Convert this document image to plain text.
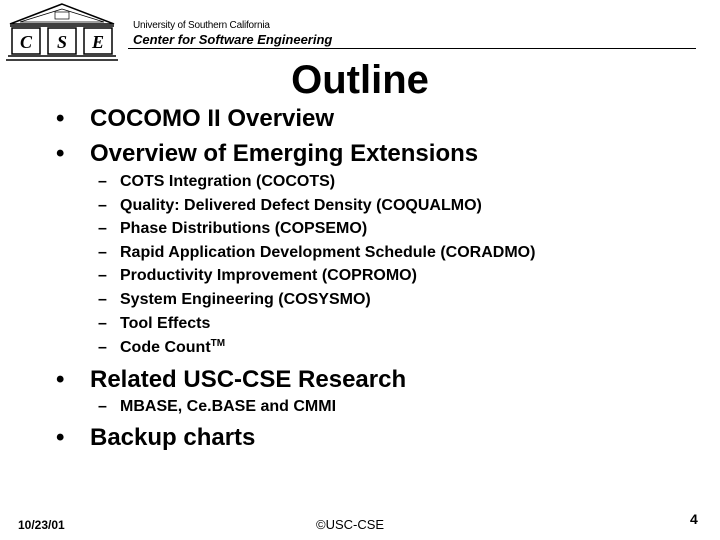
C S E
University of Southern California
Center for Software Engineering
Outline
• COCOMO II Overview
• Overview of Emerging Extensions
– COTS Integration (COCOTS)
– Quality: Delivered Defect Density (COQUALMO)
– Phase Distributions (COPSEMO)
– Rapid Application Development Schedule (CORADMO)
– Productivity Improvement (COPROMO)
– System Engineering (COSYSMO)
– Tool Effects
– Code Count™
• Related USC-CSE Research
– MBASE, Ce.BASE and CMMI
• Backup charts
10/23/01	©USC-CSE	4
